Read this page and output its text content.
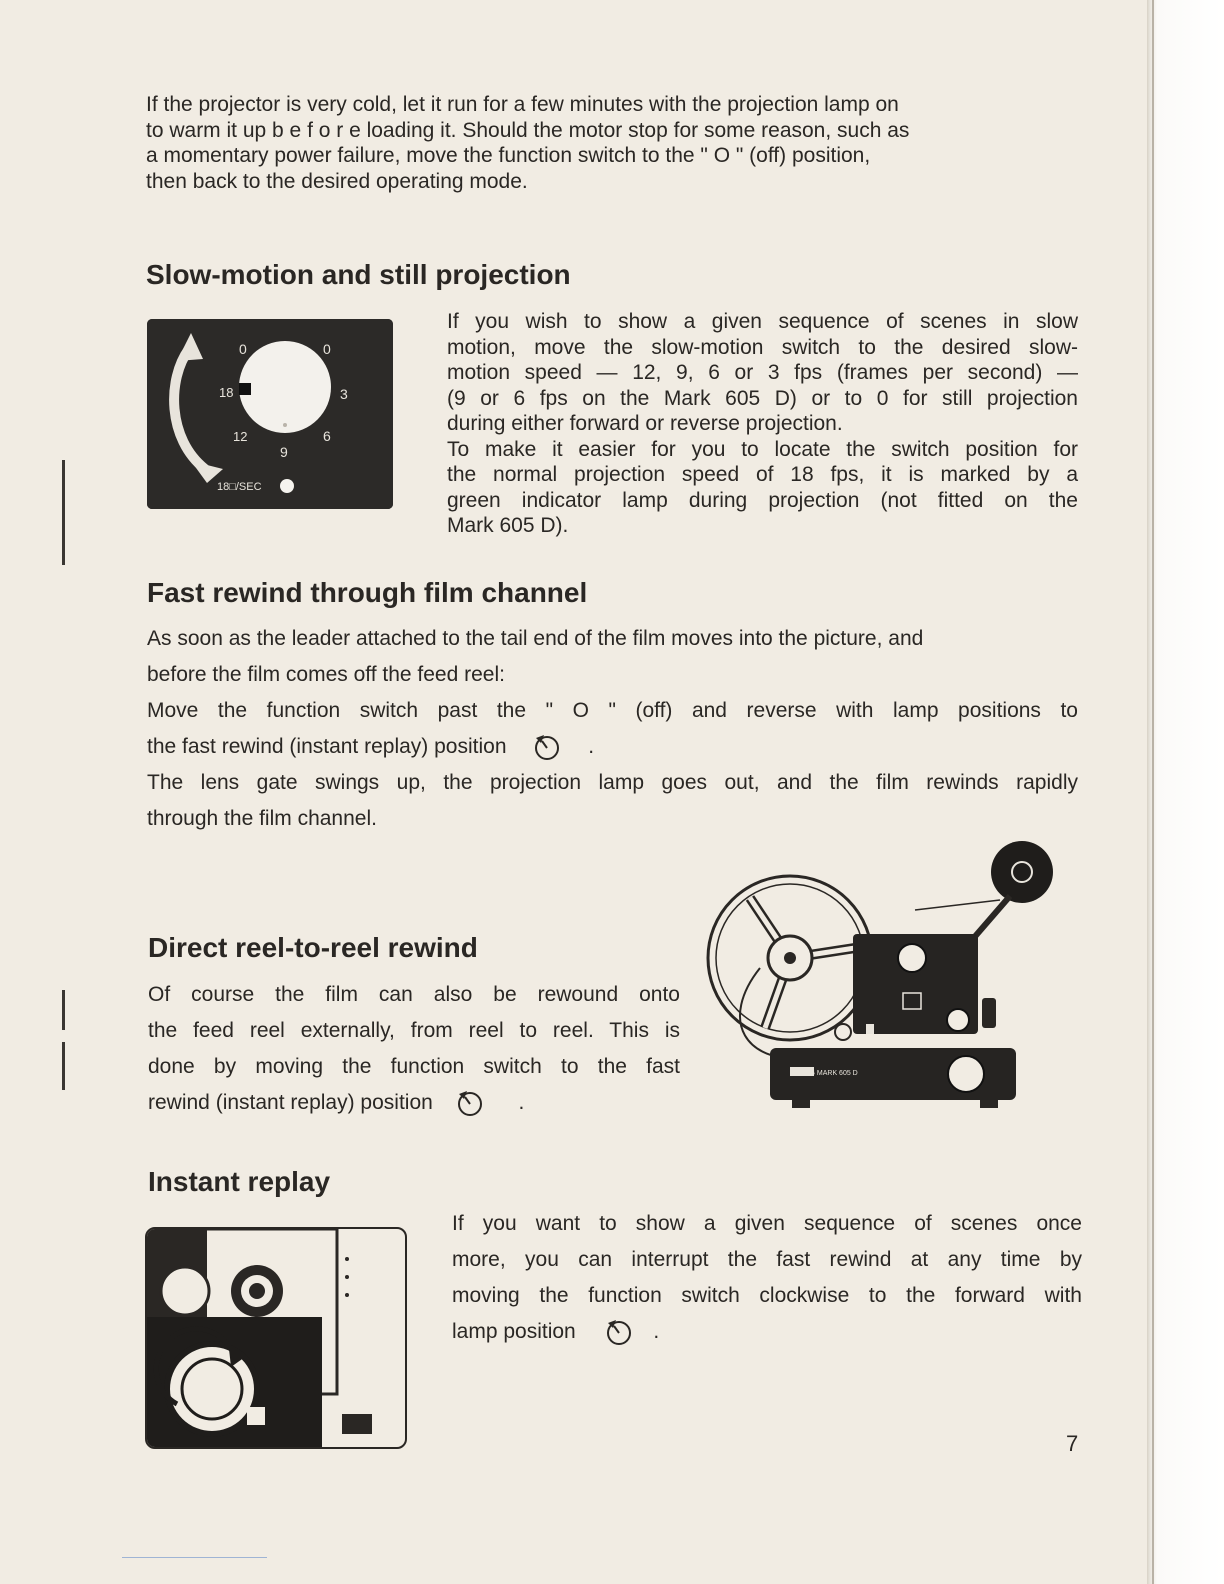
If the projector is very cold, let it run for a few minutes with the projection lamp on
to warm it up b e f o r e loading it. Should the motor stop for some reason, such as
a momentary power failure, move the function switch to the " O " (off) position,
then back to the desired operating mode.
Slow-motion and still projection
0	0
18	3
12	6
9
18□/SEC
If you wish to show a given sequence of scenes in slow
motion, move the slow-motion switch to the desired slow-
motion speed — 12, 9, 6 or 3 fps (frames per second) —
(9 or 6 fps on the Mark 605 D) or to 0 for still projection
during either forward or reverse projection.
To make it easier for you to locate the switch position for
the normal projection speed of 18 fps, it is marked by a
green indicator lamp during projection (not fitted on the
Mark 605 D).
Fast rewind through film channel
As soon as the leader attached to the tail end of the film moves into the picture, and
before the film comes off the feed reel:
Move the function switch past the " O " (off) and reverse with lamp positions to
the fast rewind (instant replay) position	.
The lens gate swings up, the projection lamp goes out, and the film rewinds rapidly
through the film channel.
Direct reel-to-reel rewind
Of course the film can also be rewound onto
the feed reel externally, from reel to reel. This is
done by moving the function switch to the fast
rewind (instant replay) position	.
EUMIG MARK 605 D
Instant replay
If you want to show a given sequence of scenes once
more, you can interrupt the fast rewind at any time by
moving the function switch clockwise to the forward with
lamp position	.
7
